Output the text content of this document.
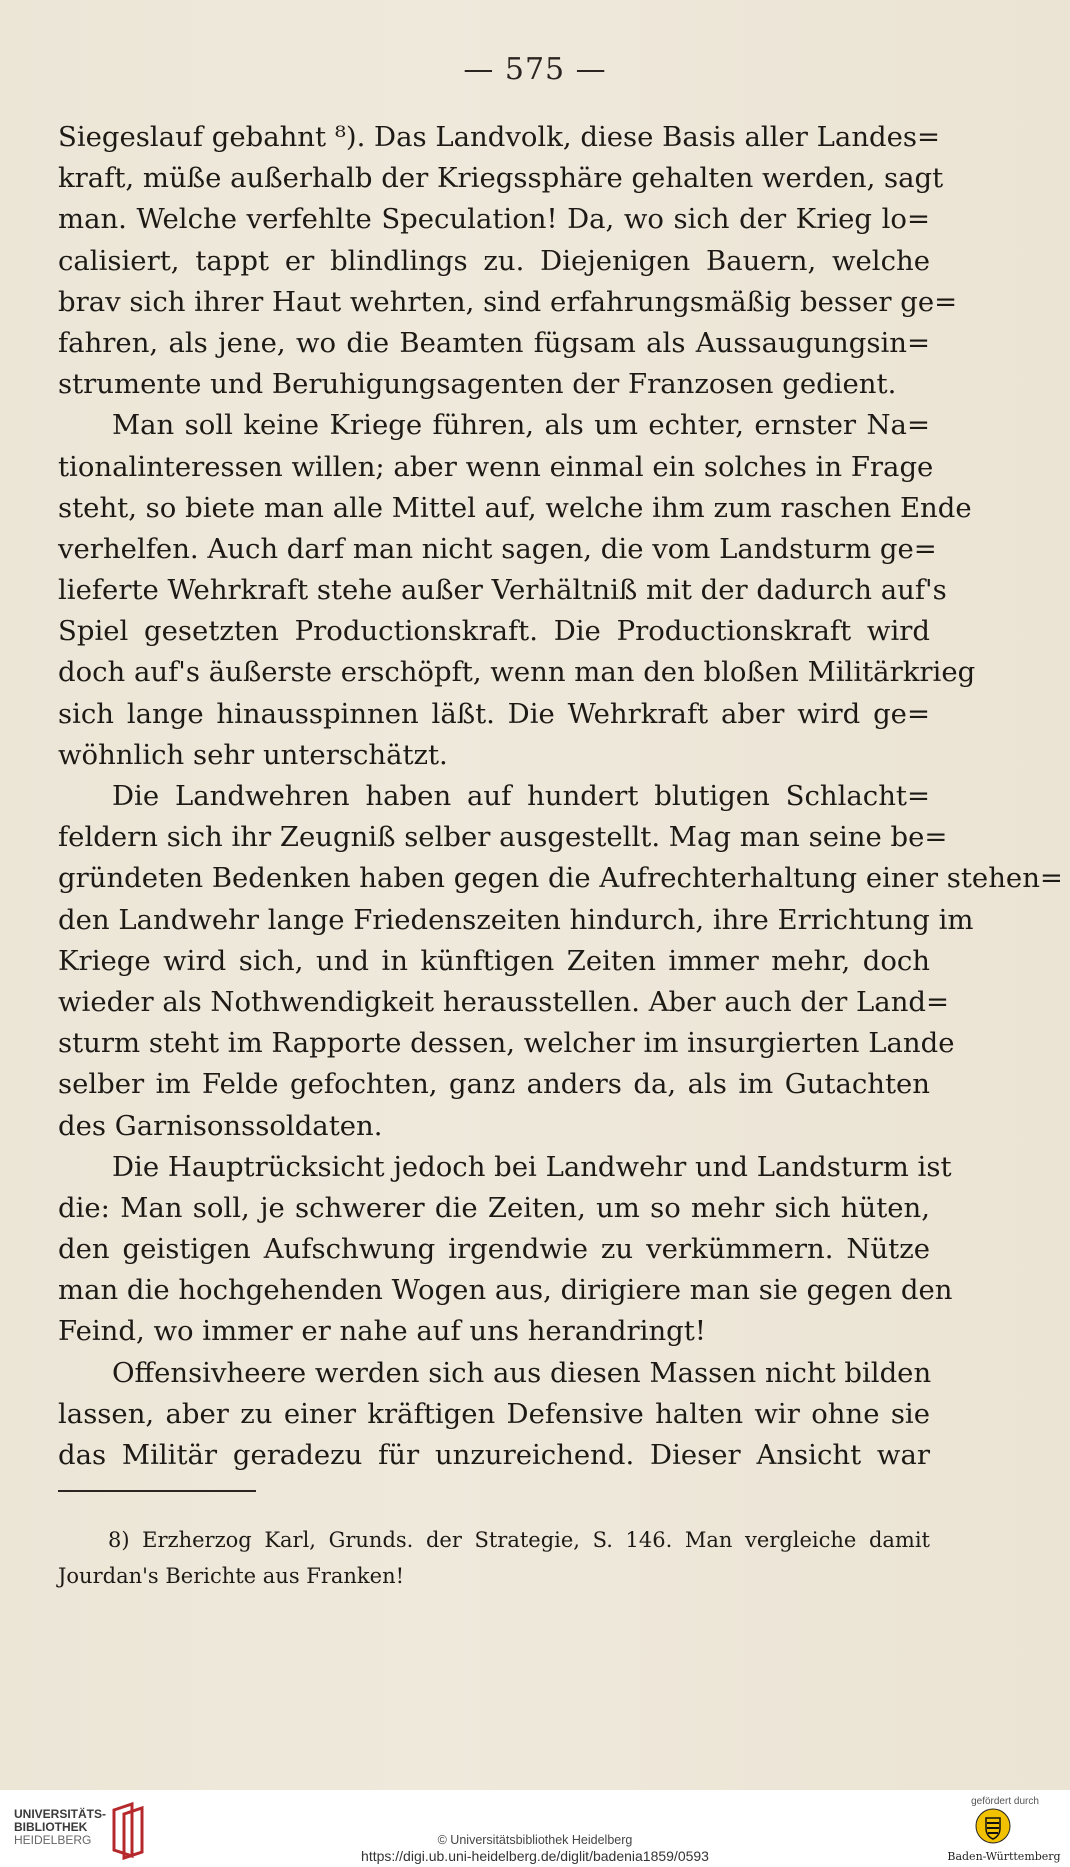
— 575 —
Siegeslauf gebahnt ⁸). Das Landvolk, diese Basis aller Landes=
kraft, müße außerhalb der Kriegssphäre gehalten werden, sagt
man. Welche verfehlte Speculation! Da, wo sich der Krieg lo=
calisiert, tappt er blindlings zu. Diejenigen Bauern, welche
brav sich ihrer Haut wehrten, sind erfahrungsmäßig besser ge=
fahren, als jene, wo die Beamten fügsam als Aussaugungsin=
strumente und Beruhigungsagenten der Franzosen gedient.
Man soll keine Kriege führen, als um echter, ernster Na=
tionalinteressen willen; aber wenn einmal ein solches in Frage
steht, so biete man alle Mittel auf, welche ihm zum raschen Ende
verhelfen. Auch darf man nicht sagen, die vom Landsturm ge=
lieferte Wehrkraft stehe außer Verhältniß mit der dadurch auf's
Spiel gesetzten Productionskraft. Die Productionskraft wird
doch auf's äußerste erschöpft, wenn man den bloßen Militärkrieg
sich lange hinausspinnen läßt. Die Wehrkraft aber wird ge=
wöhnlich sehr unterschätzt.
Die Landwehren haben auf hundert blutigen Schlacht=
feldern sich ihr Zeugniß selber ausgestellt. Mag man seine be=
gründeten Bedenken haben gegen die Aufrechterhaltung einer stehen=
den Landwehr lange Friedenszeiten hindurch, ihre Errichtung im
Kriege wird sich, und in künftigen Zeiten immer mehr, doch
wieder als Nothwendigkeit herausstellen. Aber auch der Land=
sturm steht im Rapporte dessen, welcher im insurgierten Lande
selber im Felde gefochten, ganz anders da, als im Gutachten
des Garnisonssoldaten.
Die Hauptrücksicht jedoch bei Landwehr und Landsturm ist
die: Man soll, je schwerer die Zeiten, um so mehr sich hüten,
den geistigen Aufschwung irgendwie zu verkümmern. Nütze
man die hochgehenden Wogen aus, dirigiere man sie gegen den
Feind, wo immer er nahe auf uns herandringt!
Offensivheere werden sich aus diesen Massen nicht bilden
lassen, aber zu einer kräftigen Defensive halten wir ohne sie
das Militär geradezu für unzureichend. Dieser Ansicht war
8) Erzherzog Karl, Grunds. der Strategie, S. 146. Man vergleiche damit
Jourdan's Berichte aus Franken!
UNIVERSITÄTS-
BIBLIOTHEK
HEIDELBERG	© Universitätsbibliothek Heidelberg
https://digi.ub.uni-heidelberg.de/diglit/badenia1859/0593
gefördert durch
Baden-Württemberg
